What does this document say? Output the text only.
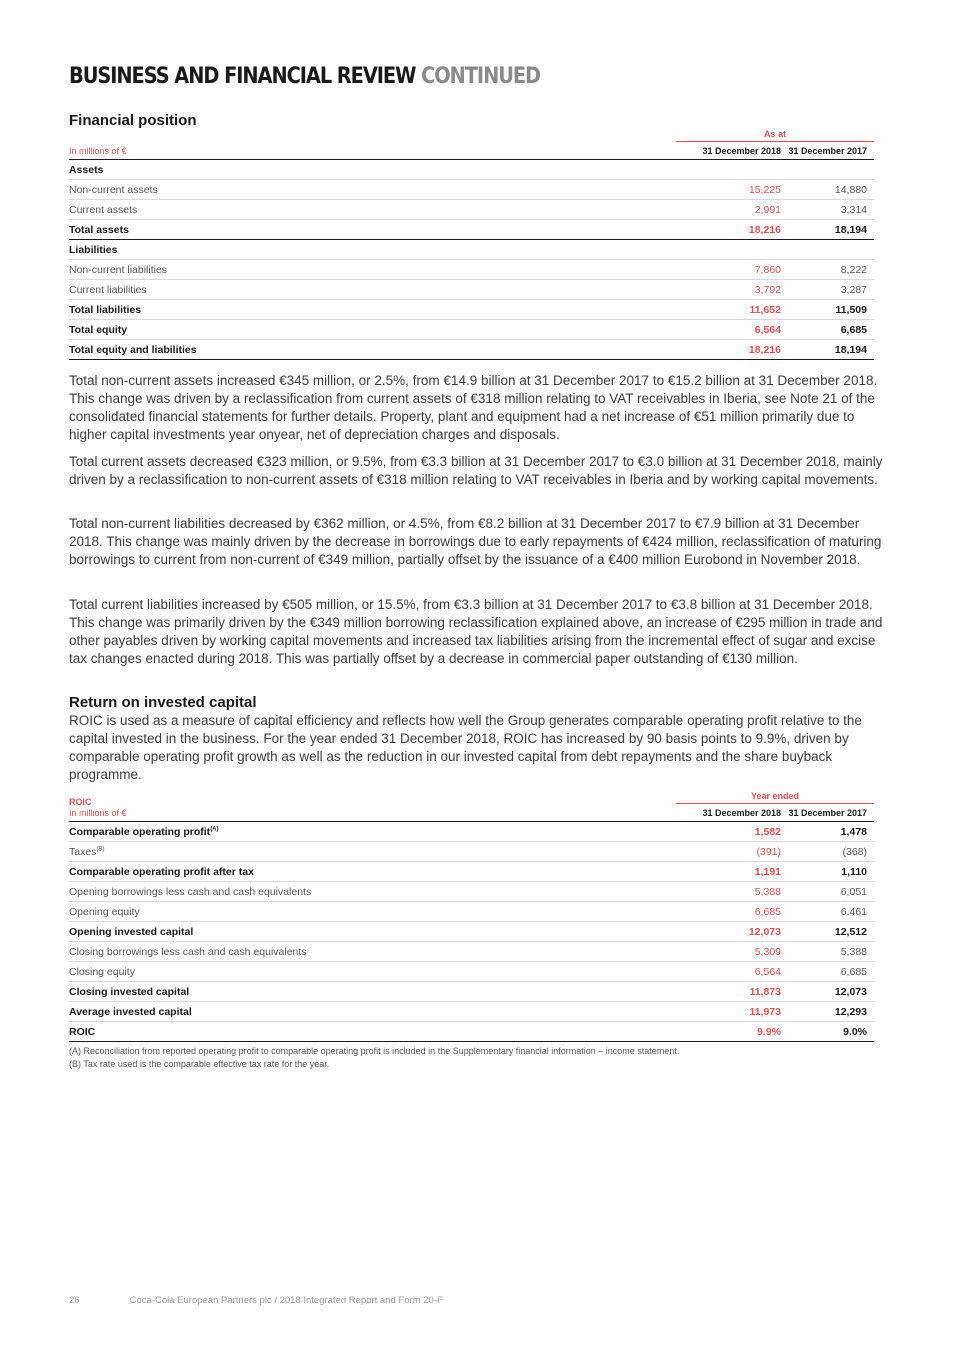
BUSINESS AND FINANCIAL REVIEW CONTINUED
Financial position
As at
In millions of €	31 December 2018	31 December 2017
Assets		
Non-current assets	15,225	14,880
Current assets	2,991	3,314
Total assets	18,216	18,194
Liabilities		
Non-current liabilities	7,860	8,222
Current liabilities	3,792	3,287
Total liabilities	11,652	11,509
Total equity	6,564	6,685
Total equity and liabilities	18,216	18,194

Total non-current assets increased €345 million, or 2.5%, from €14.9 billion at 31 December 2017 to €15.2 billion at 31 December 2018. This change was driven by a reclassification from current assets of €318 million relating to VAT receivables in Iberia, see Note 21 of the consolidated financial statements for further details. Property, plant and equipment had a net increase of €51 million primarily due to higher capital investments year onyear, net of depreciation charges and disposals.

Total current assets decreased €323 million, or 9.5%, from €3.3 billion at 31 December 2017 to €3.0 billion at 31 December 2018, mainly driven by a reclassification to non-current assets of €318 million relating to VAT receivables in Iberia and by working capital movements.

Total non-current liabilities decreased by €362 million, or 4.5%, from €8.2 billion at 31 December 2017 to €7.9 billion at 31 December 2018. This change was mainly driven by the decrease in borrowings due to early repayments of €424 million, reclassification of maturing borrowings to current from non-current of €349 million, partially offset by the issuance of a €400 million Eurobond in November 2018.

Total current liabilities increased by €505 million, or 15.5%, from €3.3 billion at 31 December 2017 to €3.8 billion at 31 December 2018. This change was primarily driven by the €349 million borrowing reclassification explained above, an increase of €295 million in trade and other payables driven by working capital movements and increased tax liabilities arising from the incremental effect of sugar and excise tax changes enacted during 2018. This was partially offset by a decrease in commercial paper outstanding of €130 million.

Return on invested capital

ROIC is used as a measure of capital efficiency and reflects how well the Group generates comparable operating profit relative to the capital invested in the business. For the year ended 31 December 2018, ROIC has increased by 90 basis points to 9.9%, driven by comparable operating profit growth as well as the reduction in our invested capital from debt repayments and the share buyback programme.

ROIC
Year ended
In millions of €	31 December 2018	31 December 2017
Comparable operating profit$^{(A)}$	1,582	1,478
Taxes$^{(B)}$	(391)	(368)
Comparable operating profit after tax	1,191	1,110
Opening borrowings less cash and cash equivalents	5,388	6,051
Opening equity	6,685	6,461
Opening invested capital	12,073	12,512
Closing borrowings less cash and cash equivalents	5,309	5,388
Closing equity	6,564	6,685
Closing invested capital	11,873	12,073
Average invested capital	11,973	12,293
ROIC	9.9%	9.0%
(A) Reconciliation from reported operating profit to comparable operating profit is included in the Supplementary financial information – income statement.
(B) Tax rate used is the comparable effective tax rate for the year.
26	Coca-Cola European Partners plc / 2018 Integrated Report and Form 20-F
